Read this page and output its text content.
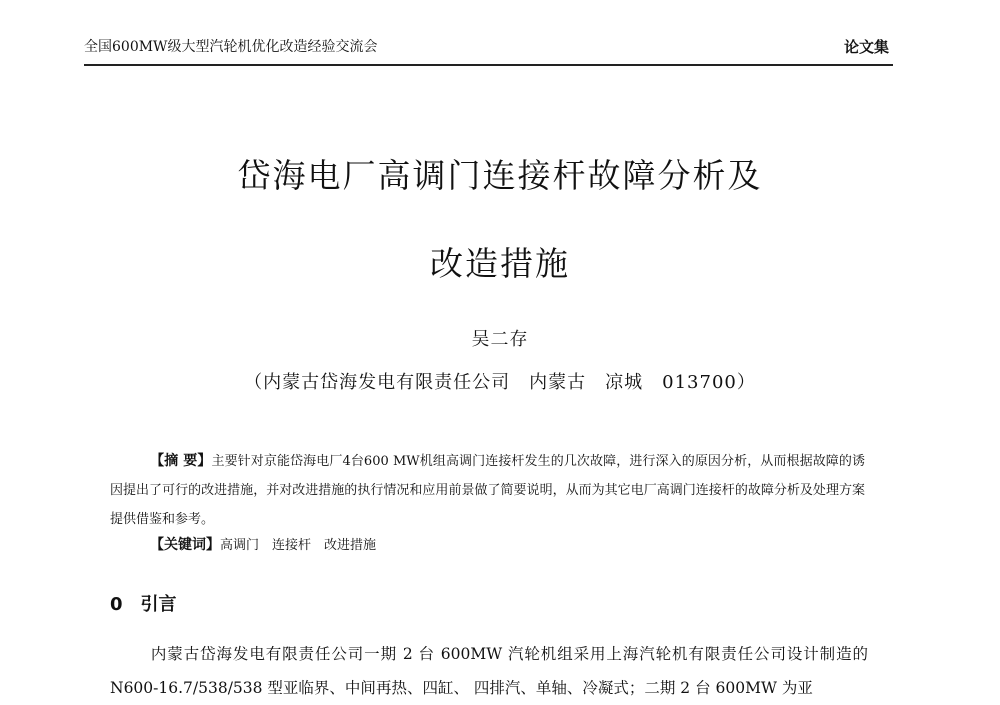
全国600MW级大型汽轮机优化改造经验交流会	论文集
岱海电厂高调门连接杆故障分析及
改造措施
吴二存
（内蒙古岱海发电有限责任公司　内蒙古　凉城　013700）
【摘 要】主要针对京能岱海电厂4台600 MW机组高调门连接杆发生的几次故障，进行深入的原因分析，从而根据故障的诱因提出了可行的改进措施，并对改进措施的执行情况和应用前景做了简要说明，从而为其它电厂高调门连接杆的故障分析及处理方案提供借鉴和参考。
【关键词】高调门　连接杆　改进措施
0 引言
内蒙古岱海发电有限责任公司一期 2 台 600MW 汽轮机组采用上海汽轮机有限责任公司设计制造的 N600-16.7/538/538 型亚临界、中间再热、四缸、 四排汽、单轴、冷凝式；二期 2 台 600MW 为亚
